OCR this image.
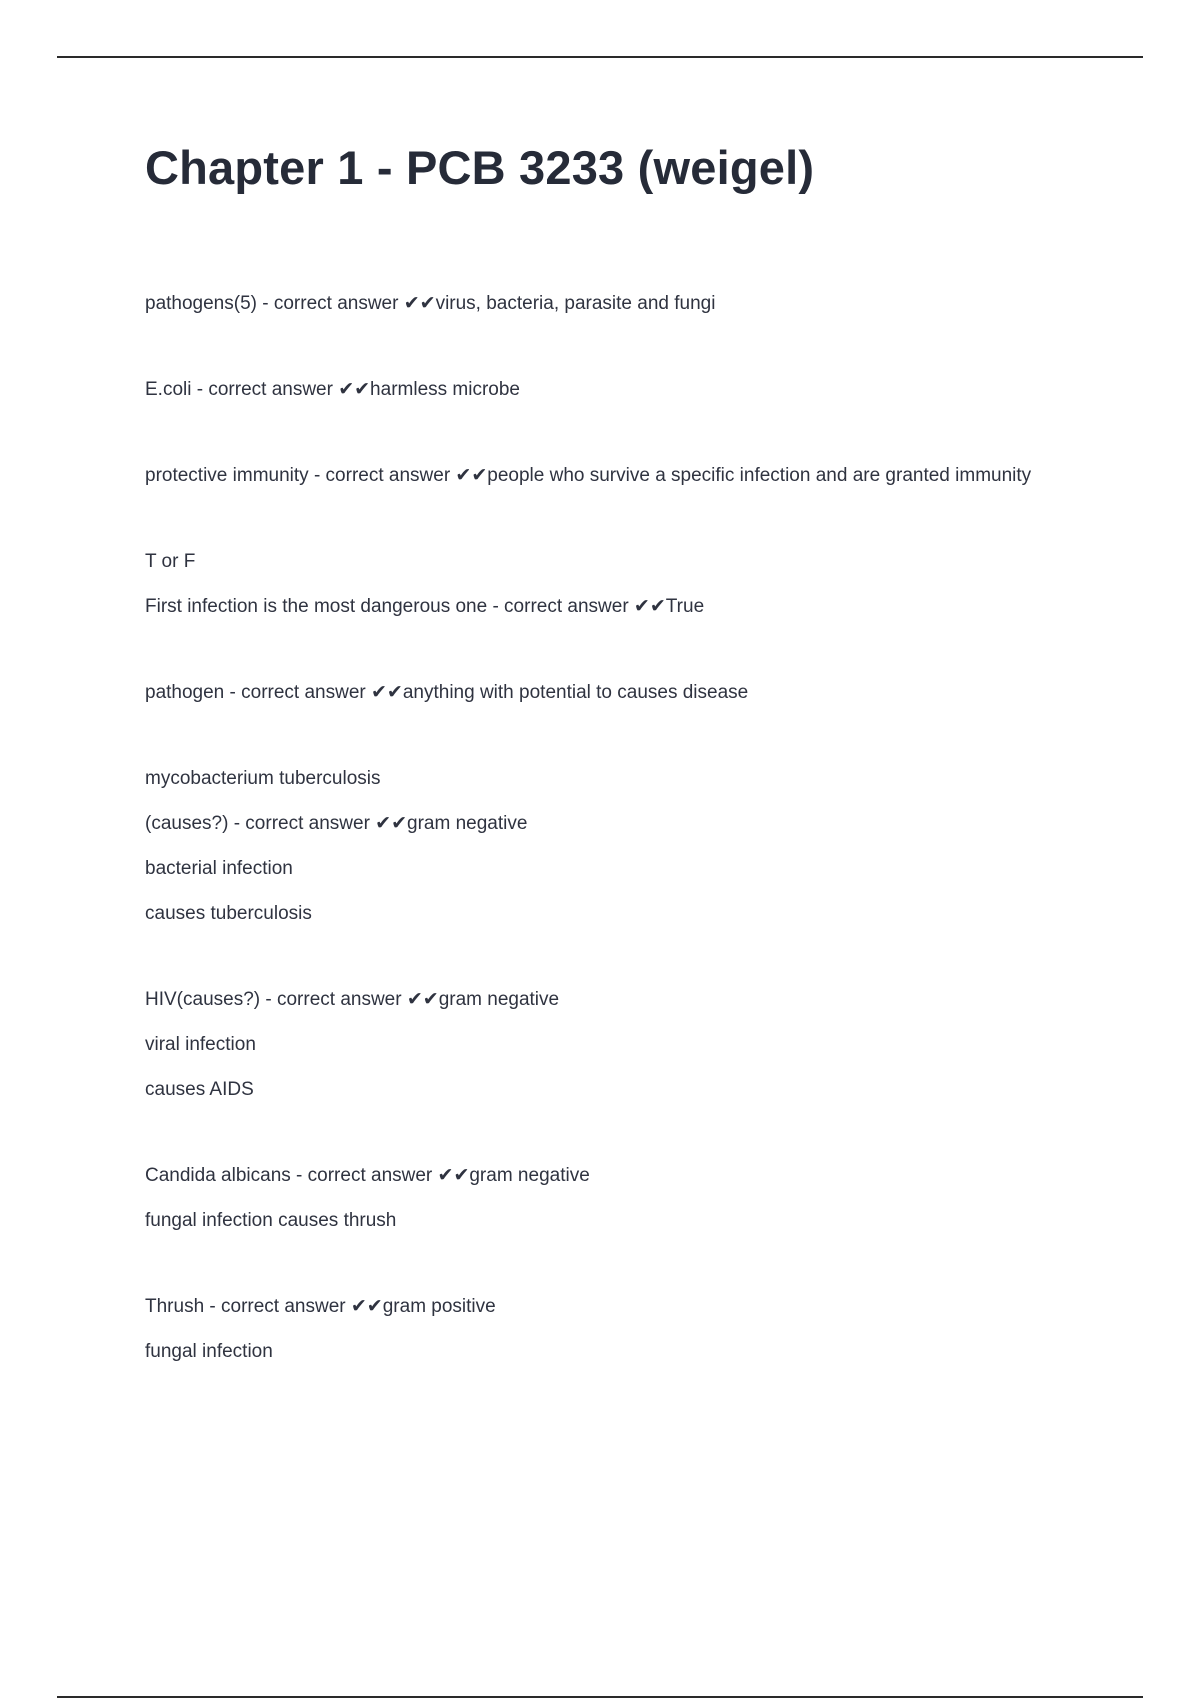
Chapter 1 - PCB 3233 (weigel)
pathogens(5) - correct answer ✔✔virus, bacteria, parasite and fungi
E.coli - correct answer ✔✔harmless microbe
protective immunity - correct answer ✔✔people who survive a specific infection and are granted immunity
T or F
First infection is the most dangerous one - correct answer ✔✔True
pathogen - correct answer ✔✔anything with potential to causes disease
mycobacterium tuberculosis
(causes?) - correct answer ✔✔gram negative
bacterial infection
causes tuberculosis
HIV(causes?) - correct answer ✔✔gram negative
viral infection
causes AIDS
Candida albicans - correct answer ✔✔gram negative
fungal infection causes thrush
Thrush - correct answer ✔✔gram positive
fungal infection
